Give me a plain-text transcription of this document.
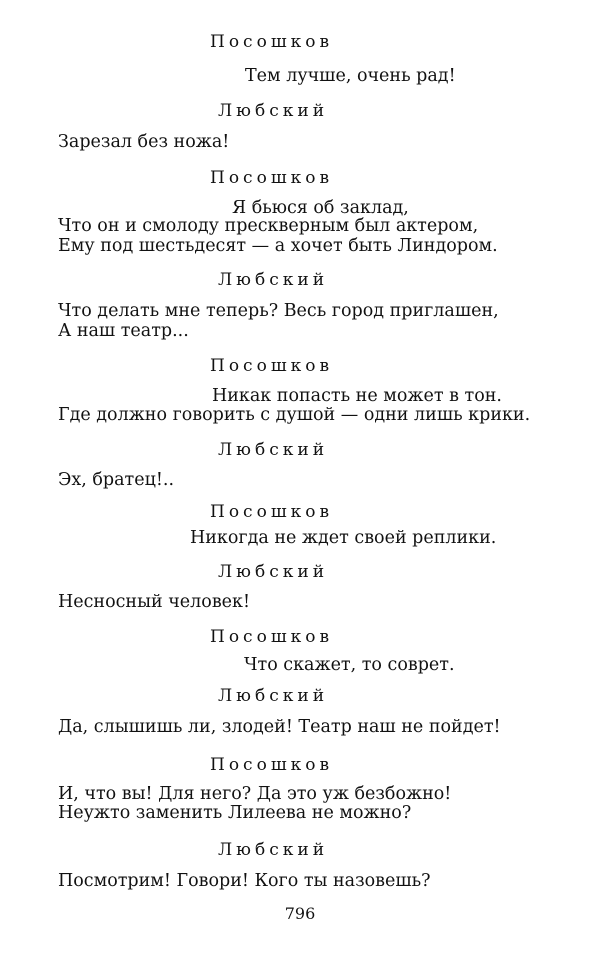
Посошков
Тем лучше, очень рад!
Любский
Зарезал без ножа!
Посошков
Я бьюся об заклад,
Что он и смолоду прескверным был актером,
Ему под шестьдесят — а хочет быть Линдором.
Любский
Что делать мне теперь? Весь город приглашен,
А наш театр...
Посошков
Никак попасть не может в тон.
Где должно говорить с душой — одни лишь крики.
Любский
Эх, братец!..
Посошков
Никогда не ждет своей реплики.
Любский
Несносный человек!
Посошков
Что скажет, то соврет.
Любский
Да, слышишь ли, злодей! Театр наш не пойдет!
Посошков
И, что вы! Для него? Да это уж безбожно!
Неужто заменить Лилеева не можно?
Любский
Посмотрим! Говори! Кого ты назовешь?
796
